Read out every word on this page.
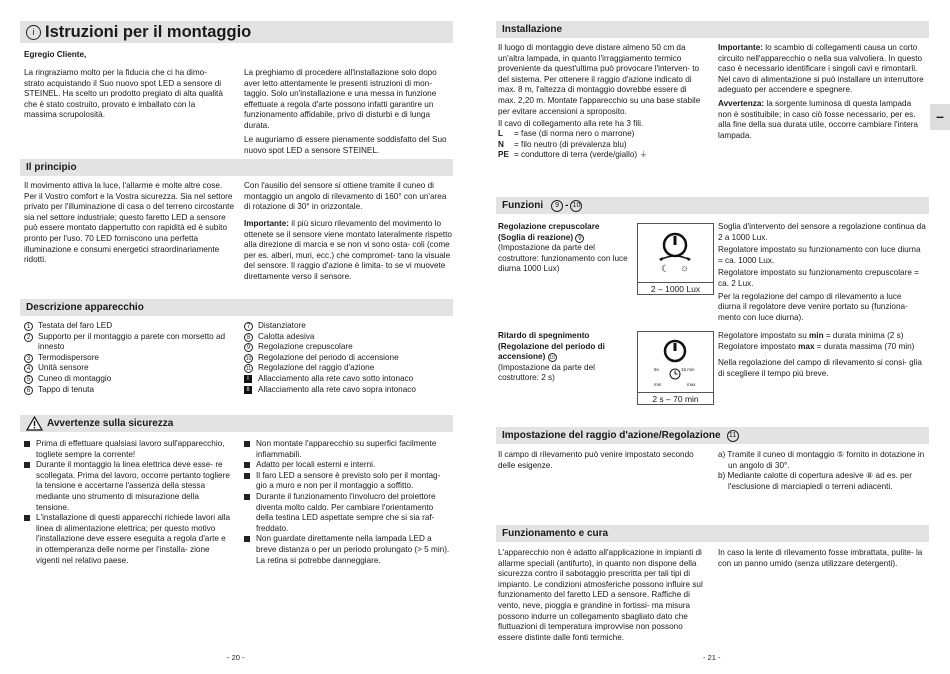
i Istruzioni per il montaggio

Egregio Cliente,

La ringraziamo molto per la fiducia che ci ha dimo- strato acquistando il Suo nuovo spot LED a sensore di STEINEL. Ha scelto un prodotto pregiato di alta qualità che è stato costruito, provato e imballato con la massima scrupolosità.

La preghiamo di procedere all'installazione solo dopo aver letto attentamente le presenti istruzioni di mon- taggio. Solo un'installazione e una messa in funzione effettuate a regola d'arte possono infatti garantire un funzionamento affidabile, privo di disturbi e di lunga durata.

Le auguriamo di essere pienamente soddisfatto del Suo nuovo spot LED a sensore STEINEL.

Il principio

Il movimento attiva la luce, l'allarme e molte altre cose. Per il Vostro comfort e la Vostra sicurezza. Sia nel settore privato per l'illuminazione di casa o del terreno circostante sia nel settore industriale; questo faretto LED a sensore può essere montato dappertutto con rapidità ed è subito pronto per l'uso. 70 LED forniscono una perfetta illuminazione e consumi energetici straordinariamente ridotti.

Con l'ausilio del sensore si ottiene tramite il cuneo di montaggio un angolo di rilevamento di 160° con un'area di rotazione di 30° in orizzontale.

Importante: il più sicuro rilevamento del movimento lo ottenete se il sensore viene montato lateralmente rispetto alla direzione di marcia e se non vi sono osta- coli (come per es. alberi, muri, ecc.) che compromet- tano la visuale del sensore. Il raggio d'azione è limita- to se vi muovete direttamente verso il sensore.

Descrizione apparecchio
1 Testata del faro LED
2 Supporto per il montaggio a parete con morsetto ad innesto
3 Termodispersore
4 Unità sensore
5 Cuneo di montaggio
6 Tappo di tenuta
7 Distanziatore
8 Calotta adesiva
9 Regolazione crepuscolare
10 Regolazione del periodo di accensione
11 Regolazione del raggio d'azione
I	Allacciamento alla rete cavo sotto intonaco
II Allacciamento alla rete cavo sopra intonaco
Avvertenze sulla sicurezza
Prima di effettuare qualsiasi lavoro sull'apparecchio, togliete sempre la corrente!
Durante il montaggio la linea elettrica deve esse- re scollegata. Prima del lavoro, occorre pertanto togliere la tensione e accertarne l'assenza della stessa mediante uno strumento di misurazione della tensione.
L'installazione di questi apparecchi richiede lavori alla linea di alimentazione elettrica; per questo motivo l'installazione deve essere eseguita a regola d'arte e in ottemperanza delle norme per l'installa- zione vigenti nel relativo paese.
Non montate l'apparecchio su superfici facilmente infiammabili.
Adatto per locali esterni e interni.
Il faro LED a sensore è previsto solo per il montag- gio a muro e non per il montaggio a soffitto.
Durante il funzionamento l'involucro del proiettore diventa molto caldo. Per cambiare l'orientamento della testina LED aspettate sempre che si sia raf- freddato.
Non guardate direttamente nella lampada LED a breve distanza o per un periodo prolungato (> 5 min). La retina si potrebbe danneggiare.
- 20 -
Installazione

Il luogo di montaggio deve distare almeno 50 cm da un'altra lampada, in quanto l'irraggiamento termico proveniente da quest'ultima può provocare l'interven- to del sistema. Per ottenere il raggio d'azione indicato di max. 8 m, l'altezza di montaggio dovrebbe essere di max. 2,20 m. Montate l'apparecchio su una base stabile per evitare accensioni a sproposito.

Il cavo di collegamento alla rete ha 3 fili.

L = fase (di norma nero o marrone)
N = filo neutro (di prevalenza blu)
PE = conduttore di terra (verde/giallo) ⏚

Importante: lo scambio di collegamenti causa un corto circuito nell'apparecchio o nella sua valvoliera. In questo caso è necessario identificare i singoli cavi e rimontarli. Nel cavo di alimentazione si può installare un interruttore adeguato per accendere e spegnere.

Avvertenza: la sorgente luminosa di questa lampada non è sostituibile; in caso ciò fosse necessario, per es. alla fine della sua durata utile, occorre cambiare l'intera lampada.

–
Funzioni	9 - 10

Regolazione crepuscolare (Soglia di reazione) 9
(Impostazione da parte del costruttore: funzionamento con luce diurna 1000 Lux)	☾ ☼
2 – 1000 Lux

Soglia d'intervento del sensore a regolazione continua da 2 a 1000 Lux.

Regolatore impostato su funzionamento con luce diurna = ca. 1000 Lux.

Regolatore impostato su funzionamento crepuscolare = ca. 2 Lux.

Per la regolazione del campo di rilevamento a luce diurna il regolatore deve venire portato su (funziona- mento con luce diurna).

Ritardo di spegnimento (Regolazione del periodo di accensione) 10
(Impostazione da parte del costruttore: 2 s)

5s	15 min
min	max
2 s – 70 min

Regolatore impostato su min = durata minima (2 s)

Regolatore impostato max = durata massima (70 min)

Nella regolazione del campo di rilevamento si consi- glia di scegliere il tempo più breve.

Impostazione del raggio d'azione/Regolazione	11

Il campo di rilevamento può venire impostato secondo delle esigenze.

a) Tramite il cuneo di montaggio ⑤ fornito in dotazione in un angolo di 30°.

b) Mediante calotte di copertura adesive ⑧ ad es. per l'esclusione di marciapiedi o terreni adiacenti.

Funzionamento e cura

L'apparecchio non è adatto all'applicazione in impianti di allarme speciali (antifurto), in quanto non dispone della sicurezza contro il sabotaggio prescritta per tali tipi di impianto. Le condizioni atmosferiche possono influire sul funzionamento del faretto LED a sensore. Raffiche di vento, neve, pioggia e grandine in fortissi- ma misura possono indurre un collegamento sbagliato dato che fluttuazioni di temperatura improvvise non possono essere distinte dalle fonti termiche.

In caso la lente di rilevamento fosse imbrattata, pulite- la con un panno umido (senza utilizzare detergenti).

- 21 -
